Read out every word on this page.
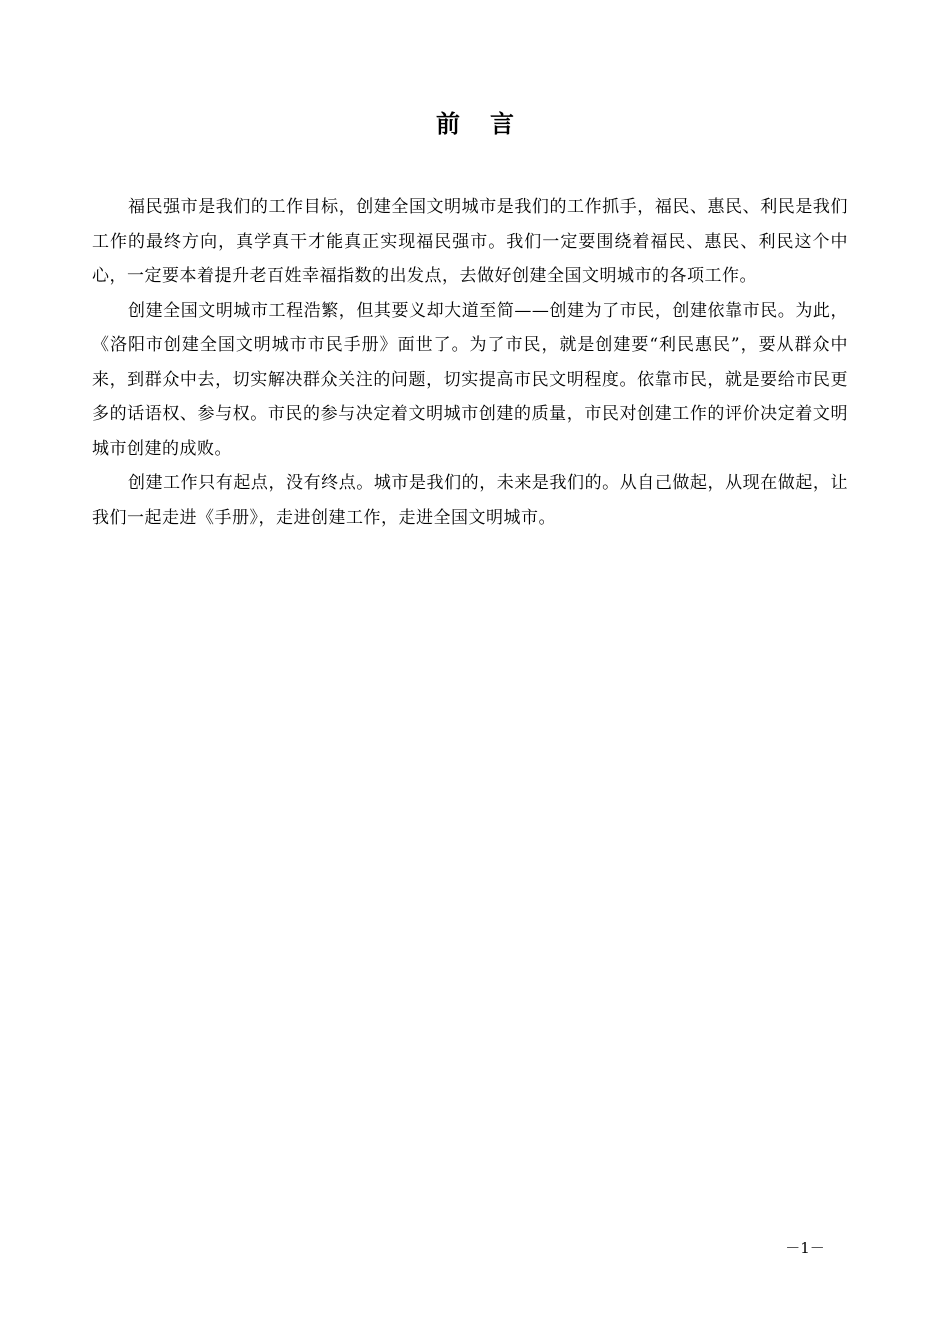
前言

福民强市是我们的工作目标，创建全国文明城市是我们的工作抓手，福民、惠民、利民是我们工作的最终方向，真学真干才能真正实现福民强市。我们一定要围绕着福民、惠民、利民这个中心，一定要本着提升老百姓幸福指数的出发点，去做好创建全国文明城市的各项工作。

创建全国文明城市工程浩繁，但其要义却大道至简——创建为了市民，创建依靠市民。为此，《洛阳市创建全国文明城市市民手册》面世了。为了市民，就是创建要“利民惠民”，要从群众中来，到群众中去，切实解决群众关注的问题，切实提高市民文明程度。依靠市民，就是要给市民更多的话语权、参与权。市民的参与决定着文明城市创建的质量，市民对创建工作的评价决定着文明城市创建的成败。

创建工作只有起点，没有终点。城市是我们的，未来是我们的。从自己做起，从现在做起，让我们一起走进《手册》，走进创建工作，走进全国文明城市。

－1－
